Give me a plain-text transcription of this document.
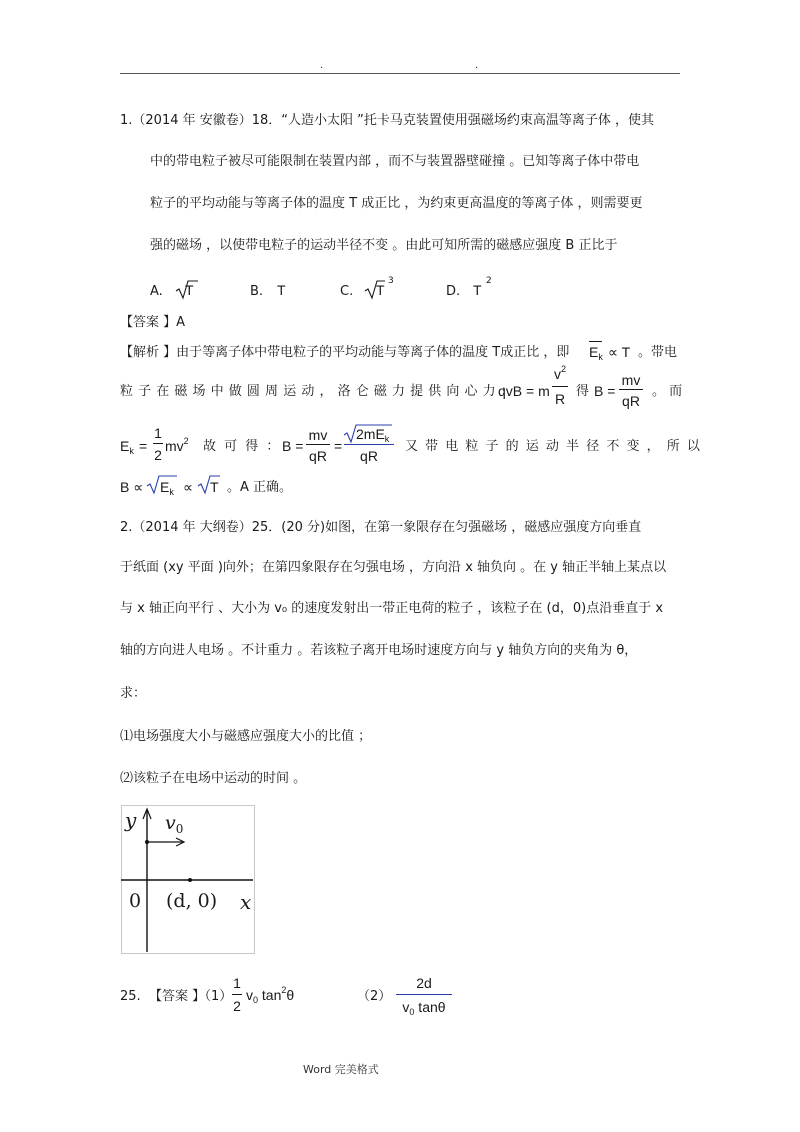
.	.
1.（2014 年 安徽卷）18．“人造小太阳 ”托卡马克装置使用强磁场约束高温等离子体 ，使其
中的带电粒子被尽可能限制在装置内部 ，而不与装置器壁碰撞 。已知等离子体中带电
粒子的平均动能与等离子体的温度 T 成正比 ，为约束更高温度的等离子体 ，则需要更
强的磁场 ，以使带电粒子的运动半径不变 。由此可知所需的磁感应强度 B 正比于
A. T	B. T	C. T
3
D. T
2
【答案 】A
【解析 】由于等离子体中带电粒子的平均动能与等离子体的温度 T成正比 ，即 $E_k \propto T$ 。带电
粒 子 在 磁 场 中 做 圆 周 运 动 ， 洛 仑 磁 力 提 供 向 心 力 ：
qvB = m
$v^2$
R 得 B =
mv
qR
。 而
$E_k$ =
1
2
$mv^2$ 故 可 得 ： B =
mv
qR
=
$2mE_k$
qR
又 带 电 粒 子 的 运 动 半 径 不 变 ， 所 以
$B \propto E_k \propto T$ 。A 正确。
2.（2014 年 大纲卷）25．(20 分)如图，在第一象限存在匀强磁场 ，磁感应强度方向垂直
于纸面 (xy 平面 )向外；在第四象限存在匀强电场 ，方向沿 x 轴负向 。在 y 轴正半轴上某点以
与 x 轴正向平行 、大小为 v₀ 的速度发射出一带正电荷的粒子 ，该粒子在 (d，0)点沿垂直于 x
轴的方向进人电场 。不计重力 。若该粒子离开电场时速度方向与 y 轴负方向的夹角为 θ，
求：
⑴电场强度大小与磁感应强度大小的比值 ；
⑵该粒子在电场中运动的时间 。
y $v_0$
0 (d, 0) x
25. 【答案 】
（1）
1
2
$v_0$ $\tan^2\theta$	（2）
2d
$v_0$ tanθ
Word 完美格式
